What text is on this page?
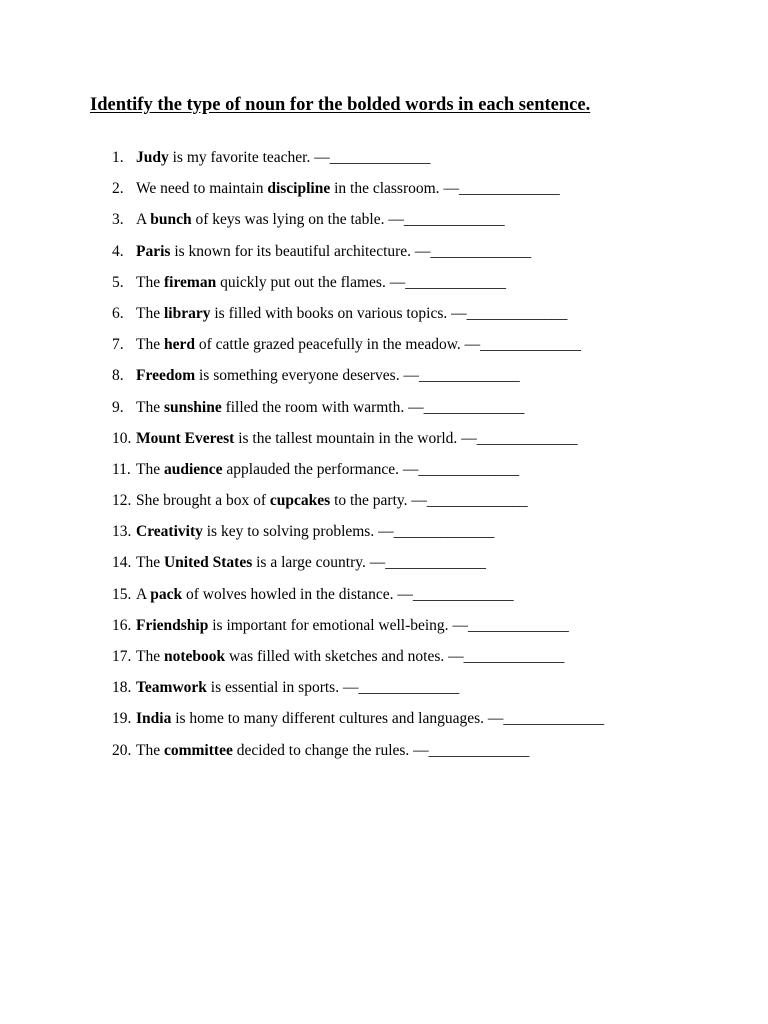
Identify the type of noun for the bolded words in each sentence.
1. Judy is my favorite teacher. —_____________
2. We need to maintain discipline in the classroom. —_____________
3. A bunch of keys was lying on the table. —_____________
4. Paris is known for its beautiful architecture. —_____________
5. The fireman quickly put out the flames. —_____________
6. The library is filled with books on various topics. —_____________
7. The herd of cattle grazed peacefully in the meadow. —_____________
8. Freedom is something everyone deserves. —_____________
9. The sunshine filled the room with warmth. —_____________
10. Mount Everest is the tallest mountain in the world. —_____________
11. The audience applauded the performance. —_____________
12. She brought a box of cupcakes to the party. —_____________
13. Creativity is key to solving problems. —_____________
14. The United States is a large country. —_____________
15. A pack of wolves howled in the distance. —_____________
16. Friendship is important for emotional well-being. —_____________
17. The notebook was filled with sketches and notes. —_____________
18. Teamwork is essential in sports. —_____________
19. India is home to many different cultures and languages. —_____________
20. The committee decided to change the rules. —_____________
